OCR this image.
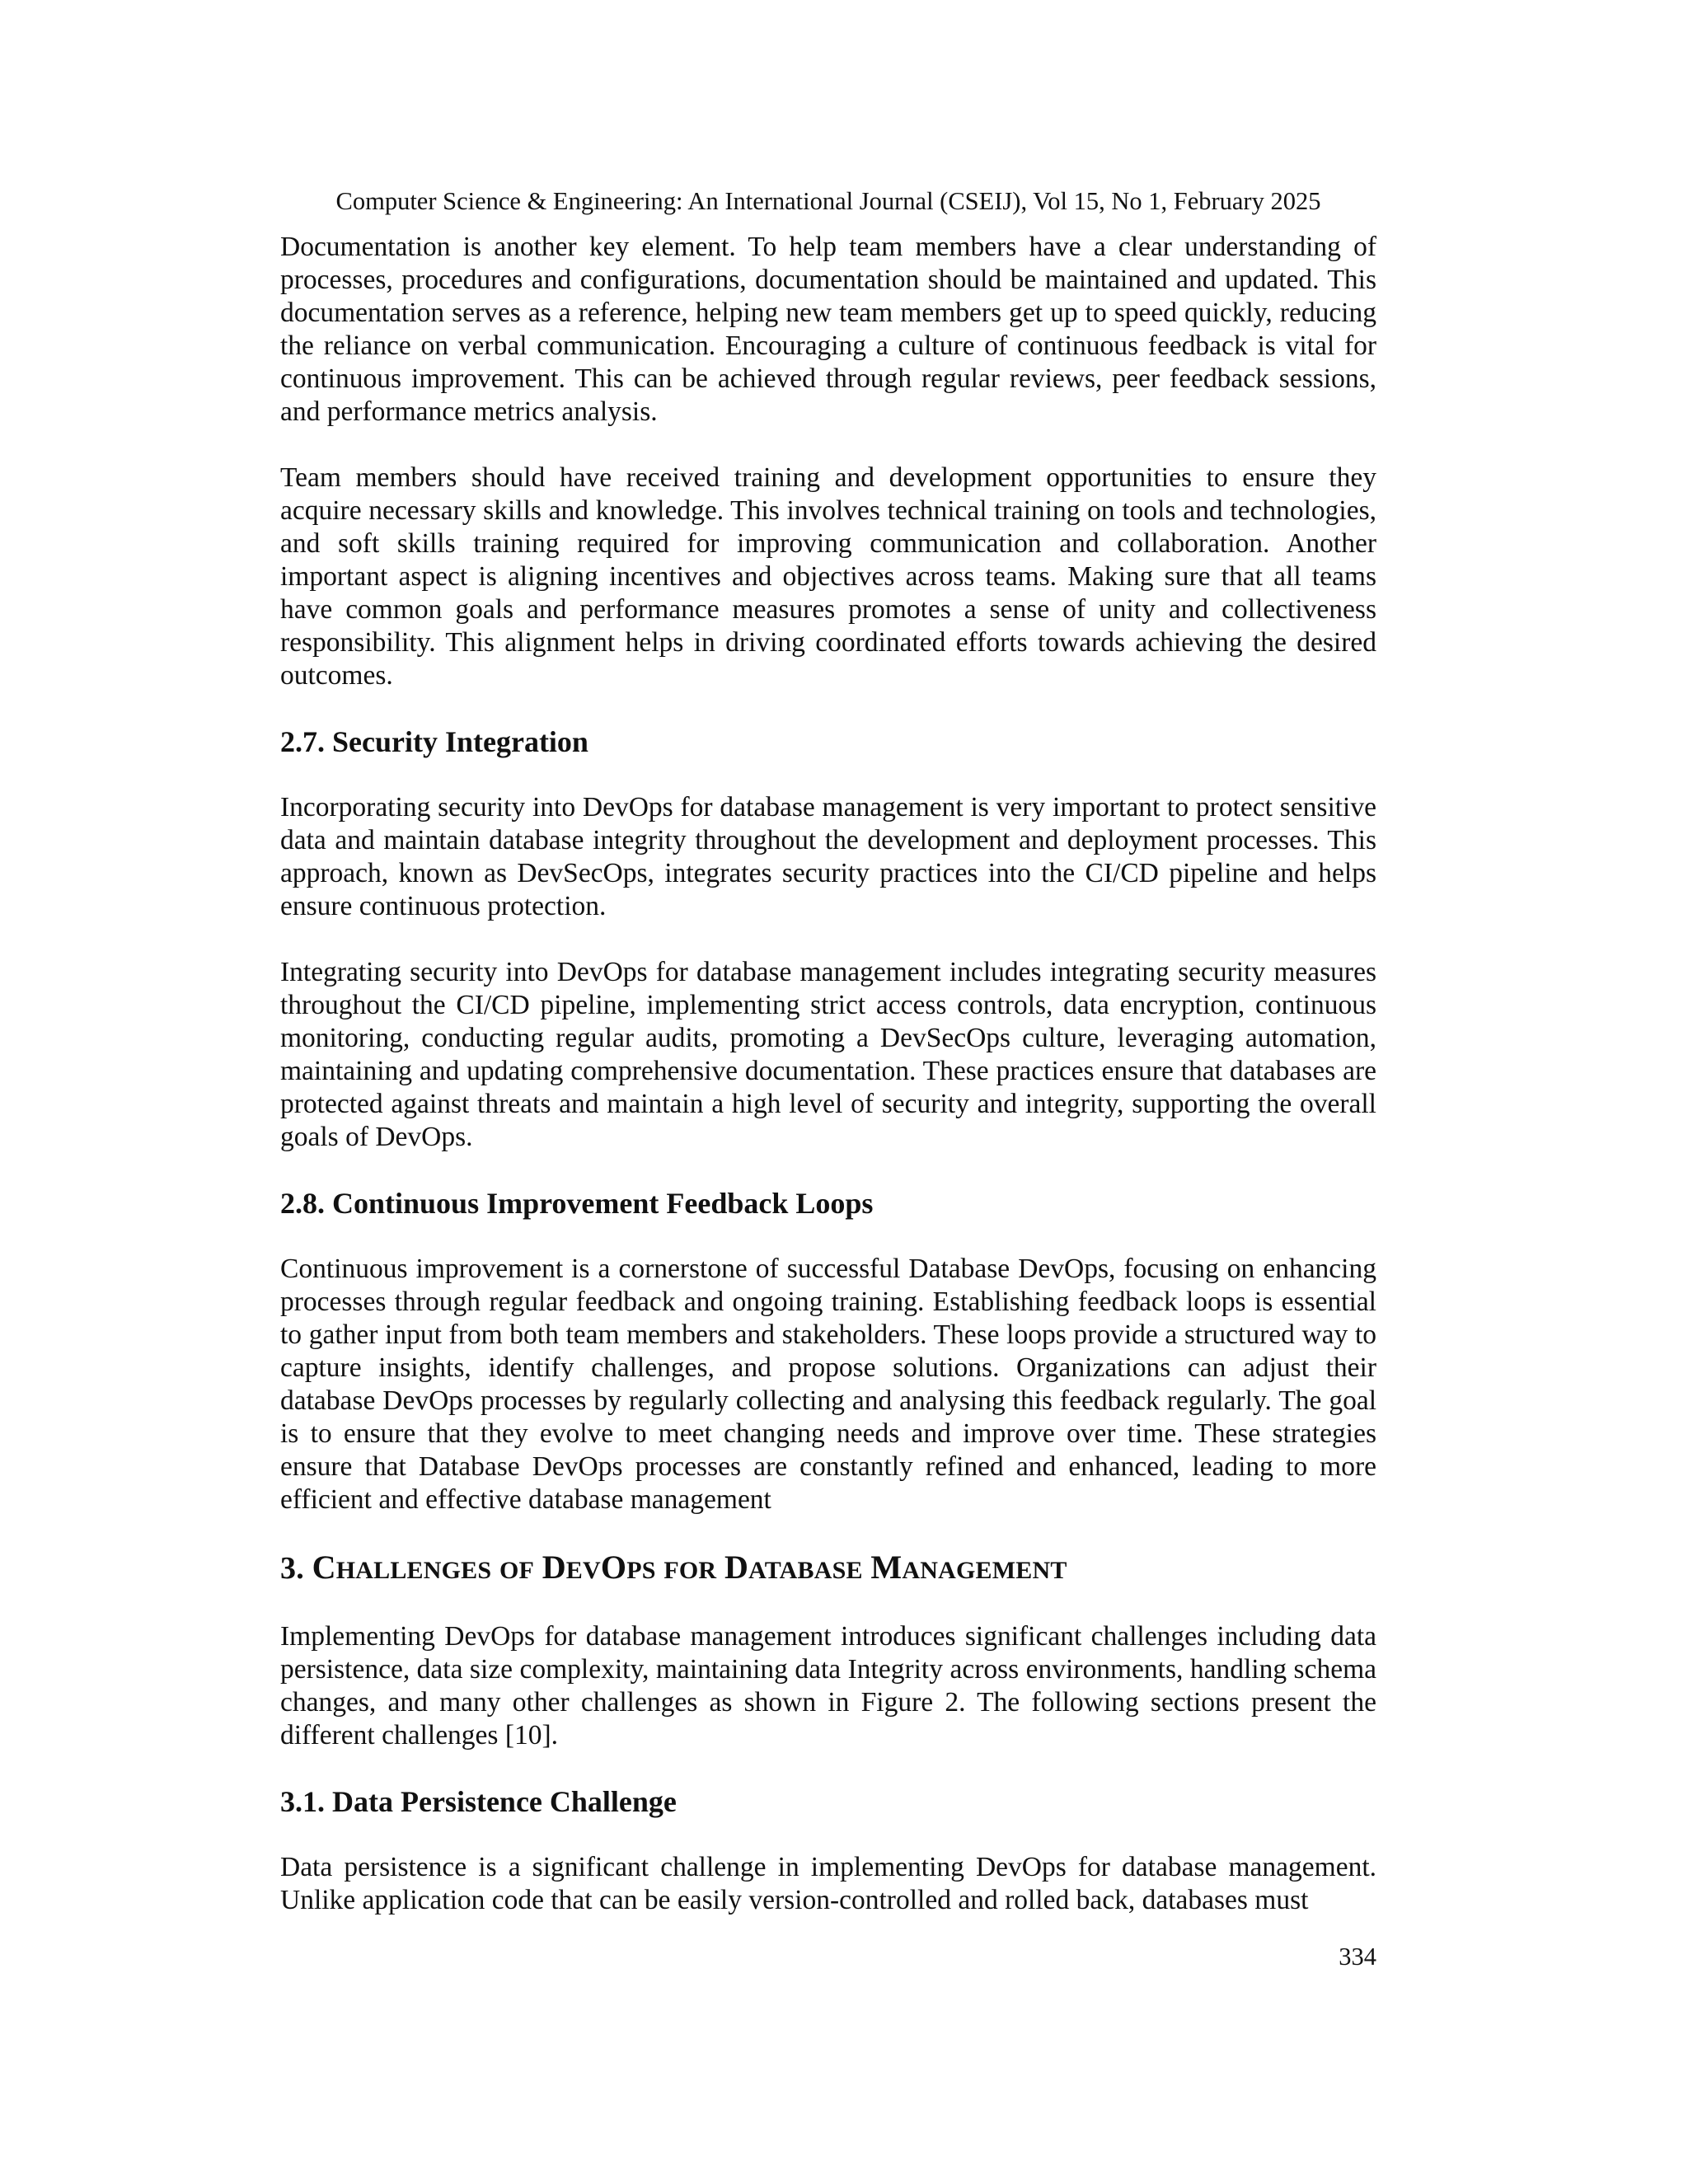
Computer Science & Engineering: An International Journal (CSEIJ), Vol 15, No 1, February 2025

Documentation is another key element. To help team members have a clear understanding of processes, procedures and configurations, documentation should be maintained and updated. This documentation serves as a reference, helping new team members get up to speed quickly, reducing the reliance on verbal communication. Encouraging a culture of continuous feedback is vital for continuous improvement. This can be achieved through regular reviews, peer feedback sessions, and performance metrics analysis.

Team members should have received training and development opportunities to ensure they acquire necessary skills and knowledge. This involves technical training on tools and technologies, and soft skills training required for improving communication and collaboration. Another important aspect is aligning incentives and objectives across teams. Making sure that all teams have common goals and performance measures promotes a sense of unity and collectiveness responsibility. This alignment helps in driving coordinated efforts towards achieving the desired outcomes.

2.7. Security Integration

Incorporating security into DevOps for database management is very important to protect sensitive data and maintain database integrity throughout the development and deployment processes. This approach, known as DevSecOps, integrates security practices into the CI/CD pipeline and helps ensure continuous protection.

Integrating security into DevOps for database management includes integrating security measures throughout the CI/CD pipeline, implementing strict access controls, data encryption, continuous monitoring, conducting regular audits, promoting a DevSecOps culture, leveraging automation, maintaining and updating comprehensive documentation. These practices ensure that databases are protected against threats and maintain a high level of security and integrity, supporting the overall goals of DevOps.

2.8. Continuous Improvement Feedback Loops

Continuous improvement is a cornerstone of successful Database DevOps, focusing on enhancing processes through regular feedback and ongoing training. Establishing feedback loops is essential to gather input from both team members and stakeholders. These loops provide a structured way to capture insights, identify challenges, and propose solutions. Organizations can adjust their database DevOps processes by regularly collecting and analysing this feedback regularly. The goal is to ensure that they evolve to meet changing needs and improve over time. These strategies ensure that Database DevOps processes are constantly refined and enhanced, leading to more efficient and effective database management

3. CHALLENGES OF DEVOPS FOR DATABASE MANAGEMENT

Implementing DevOps for database management introduces significant challenges including data persistence, data size complexity, maintaining data Integrity across environments, handling schema changes, and many other challenges as shown in Figure 2. The following sections present the different challenges [10].

3.1. Data Persistence Challenge

Data persistence is a significant challenge in implementing DevOps for database management. Unlike application code that can be easily version-controlled and rolled back, databases must

334
